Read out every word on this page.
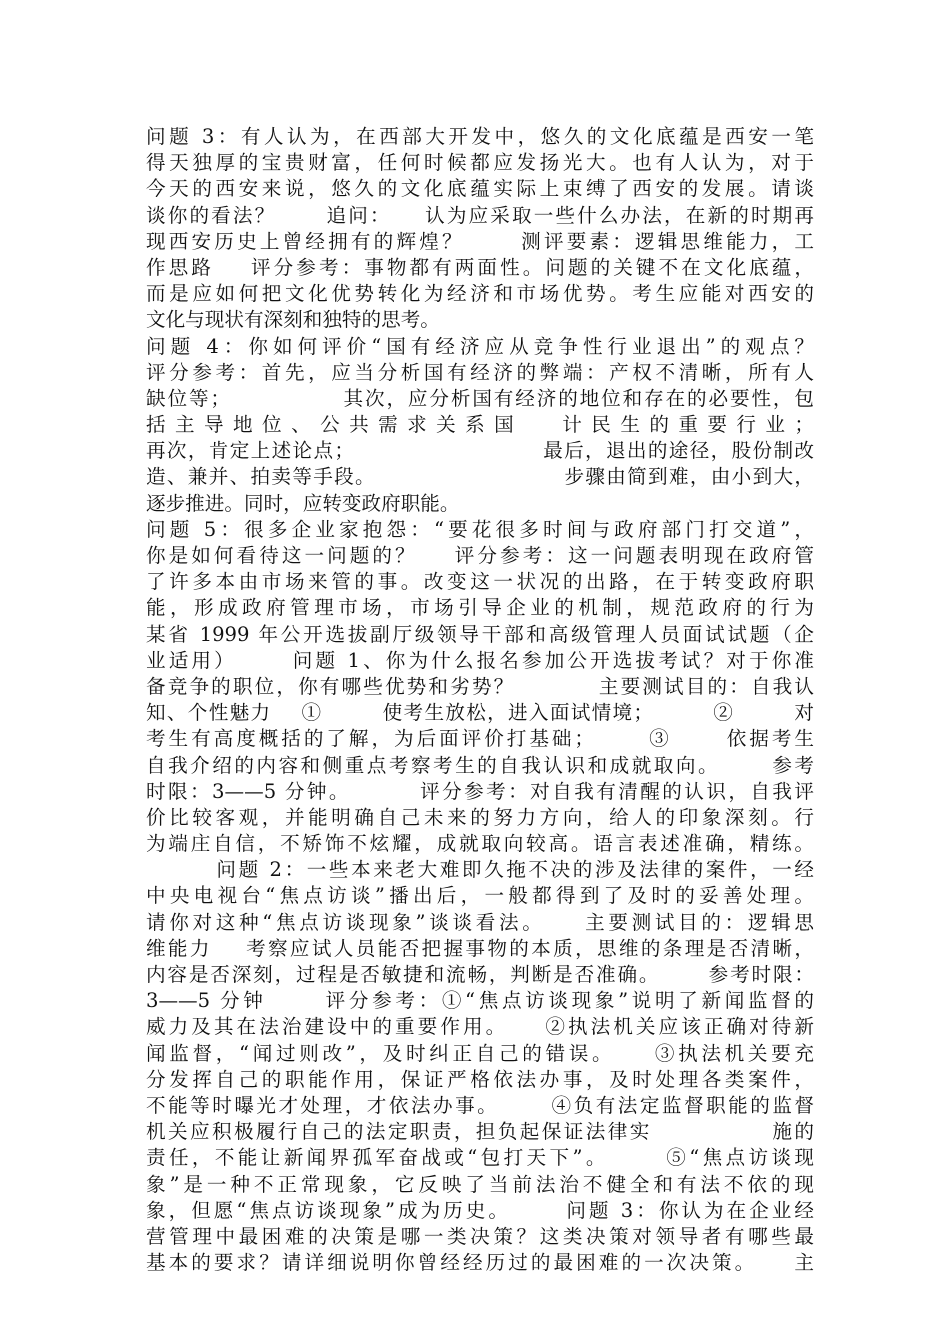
问题 3：有人认为，在西部大开发中，悠久的文化底蕴是西安一笔
得天独厚的宝贵财富，任何时候都应发扬光大。也有人认为，对于
今天的西安来说，悠久的文化底蕴实际上束缚了西安的发展。请谈
谈你的看法？      追问：    认为应采取一些什么办法，在新的时期再
现西安历史上曾经拥有的辉煌？      测评要素：逻辑思维能力，工
作思路    评分参考：事物都有两面性。问题的关键不在文化底蕴，
而是应如何把文化优势转化为经济和市场优势。考生应能对西安的
文化与现状有深刻和独特的思考。
问题 4：你如何评价“国有经济应从竞争性行业退出”的观点？
评分参考：首先，应当分析国有经济的弊端：产权不清晰，所有人
缺位等；              其次，应分析国有经济的地位和存在的必要性，包
括 主 导 地 位 、 公 共 需 求 关 系 国      计 民 生 的 重 要 行 业 ；
再次，肯定上述论点；                         最后，退出的途径，股份制改
造、兼并、拍卖等手段。                         步骤由简到难，由小到大，
逐步推进。同时，应转变政府职能。
问题 5：很多企业家抱怨：“要花很多时间与政府部门打交道”，
你是如何看待这一问题的？    评分参考：这一问题表明现在政府管
了许多本由市场来管的事。改变这一状况的出路，在于转变政府职
能，形成政府管理市场，市场引导企业的机制，规范政府的行为
某省 1999 年公开选拔副厅级领导干部和高级管理人员面试试题（企
业适用）      问题 1、你为什么报名参加公开选拔考试？对于你准
备竞争的职位，你有哪些优势和劣势？          主要测试目的：自我认
知、个性魅力    ①        使考生放松，进入面试情境；        ②        对
考生有高度概括的了解，为后面评价打基础；      ③      依据考生
自我介绍的内容和侧重点考察考生的自我认识和成就取向。      参考
时限：3——5 分钟。        评分参考：对自我有清醒的认识，自我评
价比较客观，并能明确自己未来的努力方向，给人的印象深刻。行
为端庄自信，不矫饰不炫耀，成就取向较高。语言表述准确，精练。
问题 2：一些本来老大难即久拖不决的涉及法律的案件，一经
中央电视台“焦点访谈”播出后，一般都得到了及时的妥善处理。
请你对这种“焦点访谈现象”谈谈看法。    主要测试目的：逻辑思
维能力    考察应试人员能否把握事物的本质，思维的条理是否清晰，
内容是否深刻，过程是否敏捷和流畅，判断是否准确。      参考时限：
3——5 分钟      评分参考：①“焦点访谈现象”说明了新闻监督的
威力及其在法治建设中的重要作用。    ②执法机关应该正确对待新
闻监督，“闻过则改”，及时纠正自己的错误。    ③执法机关要充
分发挥自己的职能作用，保证严格依法办事，及时处理各类案件，
不能等时曝光才处理，才依法办事。      ④负有法定监督职能的监督
机关应积极履行自己的法定职责，担负起保证法律实              施的
责任，不能让新闻界孤军奋战或“包打天下”。      ⑤“焦点访谈现
象”是一种不正常现象，它反映了当前法治不健全和有法不依的现
象，但愿“焦点访谈现象”成为历史。      问题 3：你认为在企业经
营管理中最困难的决策是哪一类决策？这类决策对领导者有哪些最
基本的要求？请详细说明你曾经经历过的最困难的一次决策。    主
